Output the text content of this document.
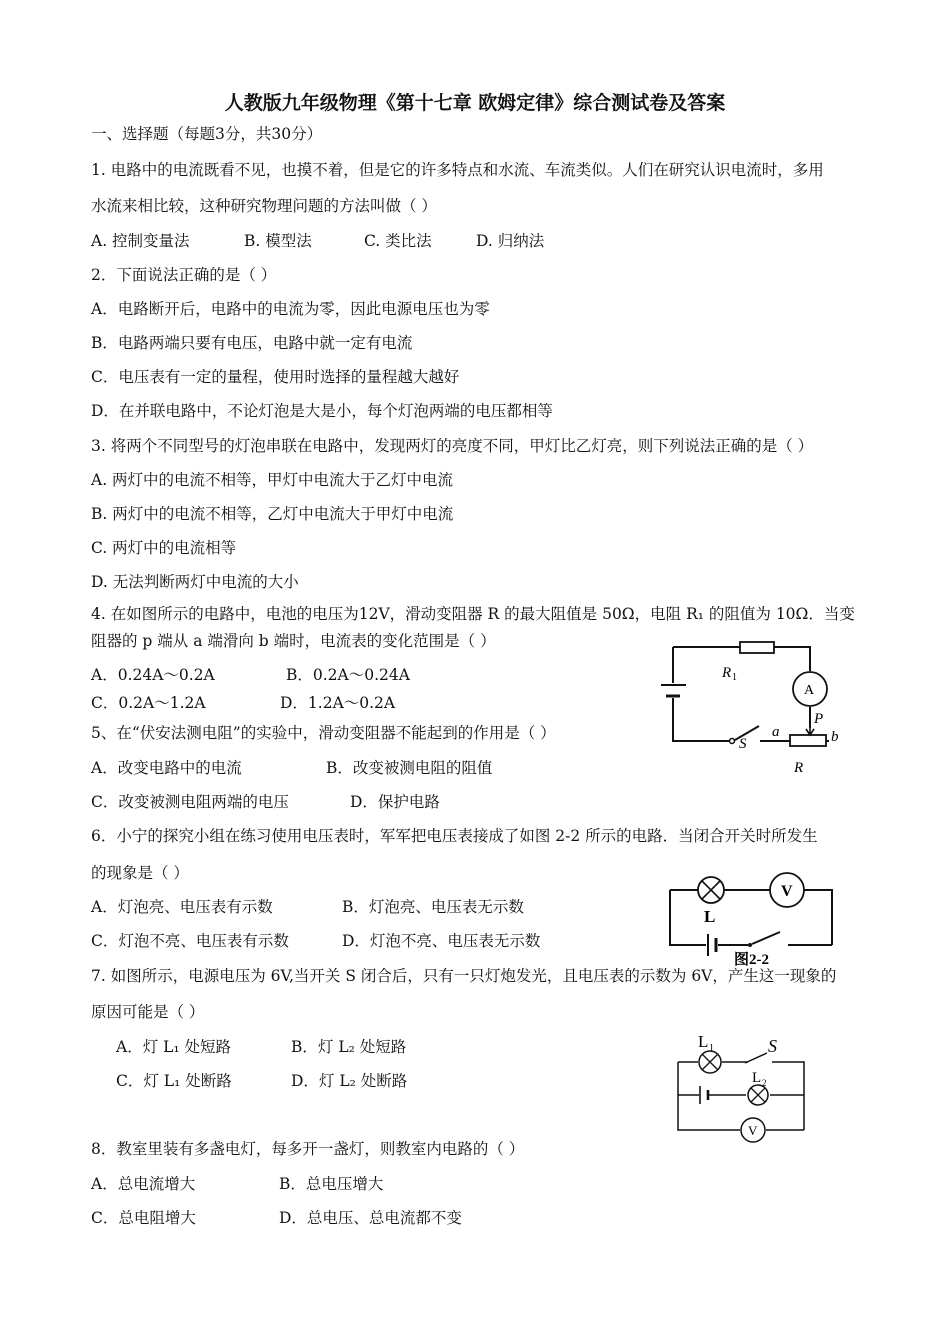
人教版九年级物理《第十七章 欧姆定律》综合测试卷及答案
一、选择题（每题3分，共30分）
1. 电路中的电流既看不见，也摸不着，但是它的许多特点和水流、车流类似。人们在研究认识电流时，多用
水流来相比较，这种研究物理问题的方法叫做（ ）
A. 控制变量法	B. 模型法	C. 类比法	D. 归纳法
2．下面说法正确的是（ ）
A．电路断开后，电路中的电流为零，因此电源电压也为零
B．电路两端只要有电压，电路中就一定有电流
C．电压表有一定的量程，使用时选择的量程越大越好
D．在并联电路中，不论灯泡是大是小，每个灯泡两端的电压都相等
3. 将两个不同型号的灯泡串联在电路中，发现两灯的亮度不同，甲灯比乙灯亮，则下列说法正确的是（ ）
A. 两灯中的电流不相等，甲灯中电流大于乙灯中电流
B. 两灯中的电流不相等，乙灯中电流大于甲灯中电流
C. 两灯中的电流相等
D. 无法判断两灯中电流的大小
4. 在如图所示的电路中，电池的电压为12V，滑动变阻器 R 的最大阻值是 50Ω，电阻 R₁ 的阻值为 10Ω．当变
阻器的 p 端从 a 端滑向 b 端时，电流表的变化范围是（ ）
A．0.24A～0.2A	B．0.2A～0.24A
C．0.2A～1.2A	D．1.2A～0.2A
5、在“伏安法测电阻”的实验中，滑动变阻器不能起到的作用是（ ）
A．改变电路中的电流	B．改变被测电阻的阻值
C．改变被测电阻两端的电压	D．保护电路
6．小宁的探究小组在练习使用电压表时，军军把电压表接成了如图 2-2 所示的电路．当闭合开关时所发生
的现象是（ ）
A．灯泡亮、电压表有示数	B．灯泡亮、电压表无示数
C．灯泡不亮、电压表有示数	D．灯泡不亮、电压表无示数
7. 如图所示，电源电压为 6V,当开关 S 闭合后，只有一只灯炮发光，且电压表的示数为 6V，产生这一现象的
原因可能是（ ）
A．灯 L₁ 处短路	B．灯 L₂ 处短路
C．灯 L₁ 处断路	D．灯 L₂ 处断路
8．教室里装有多盏电灯，每多开一盏灯，则教室内电路的（ ）
A．总电流增大	B．总电压增大
C．总电阻增大	D．总电压、总电流都不变
R 1
A
P
a	b
S
R
V
L
图2-2
L 1	S
L 2
V
